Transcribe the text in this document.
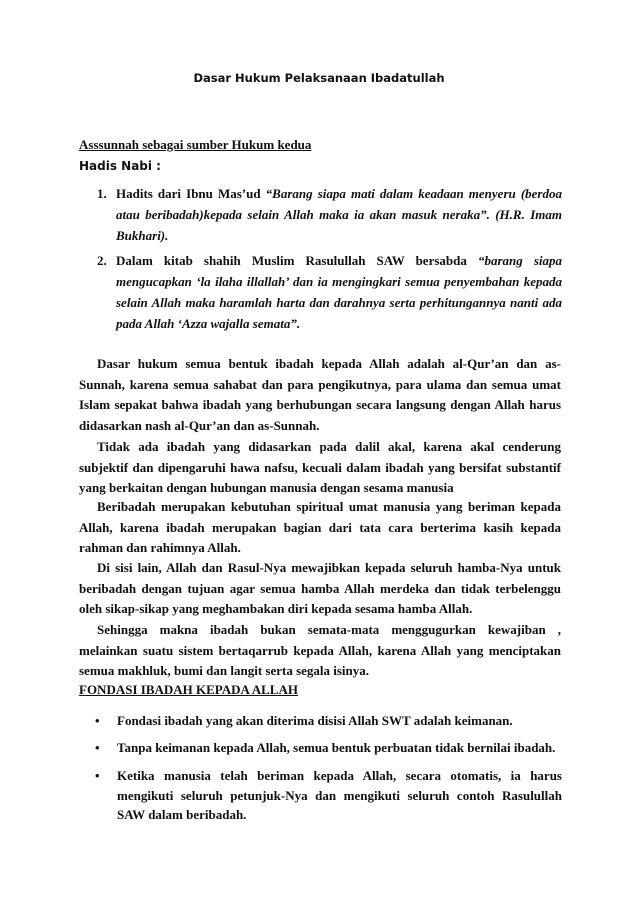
Dasar Hukum Pelaksanaan Ibadatullah
Asssunnah sebagai sumber Hukum kedua
Hadis Nabi :
1. Hadits dari Ibnu Mas’ud “Barang siapa mati dalam keadaan menyeru (berdoa atau beribadah)kepada selain Allah maka ia akan masuk neraka”. (H.R. Imam Bukhari).
2. Dalam kitab shahih Muslim Rasulullah SAW bersabda “barang siapa mengucapkan ‘la ilaha illallah’ dan ia mengingkari semua penyembahan kepada selain Allah maka haramlah harta dan darahnya serta perhitungannya nanti ada pada Allah ‘Azza wajalla semata”.
Dasar hukum semua bentuk ibadah kepada Allah adalah al-Qur’an dan as-Sunnah, karena semua sahabat dan para pengikutnya, para ulama dan semua umat Islam sepakat bahwa ibadah yang berhubungan secara langsung dengan Allah harus didasarkan nash al-Qur’an dan as-Sunnah.
Tidak ada ibadah yang didasarkan pada dalil akal, karena akal cenderung subjektif dan dipengaruhi hawa nafsu, kecuali dalam ibadah yang bersifat substantif yang berkaitan dengan hubungan manusia dengan sesama manusia
Beribadah merupakan kebutuhan spiritual umat manusia yang beriman kepada Allah, karena ibadah merupakan bagian dari tata cara berterima kasih kepada rahman dan rahimnya Allah.
Di sisi lain, Allah dan Rasul-Nya mewajibkan kepada seluruh hamba-Nya untuk beribadah dengan tujuan agar semua hamba Allah merdeka dan tidak terbelenggu oleh sikap-sikap yang meghambakan diri kepada sesama hamba Allah.
Sehingga makna ibadah bukan semata-mata menggugurkan kewajiban , melainkan suatu sistem bertaqarrub kepada Allah, karena Allah yang menciptakan semua makhluk, bumi dan langit serta segala isinya.
FONDASI IBADAH KEPADA ALLAH
• Fondasi ibadah yang akan diterima disisi Allah SWT adalah keimanan.
• Tanpa keimanan kepada Allah, semua bentuk perbuatan tidak bernilai ibadah.
• Ketika manusia telah beriman kepada Allah, secara otomatis, ia harus mengikuti seluruh petunjuk-Nya dan mengikuti seluruh contoh Rasulullah SAW dalam beribadah.
